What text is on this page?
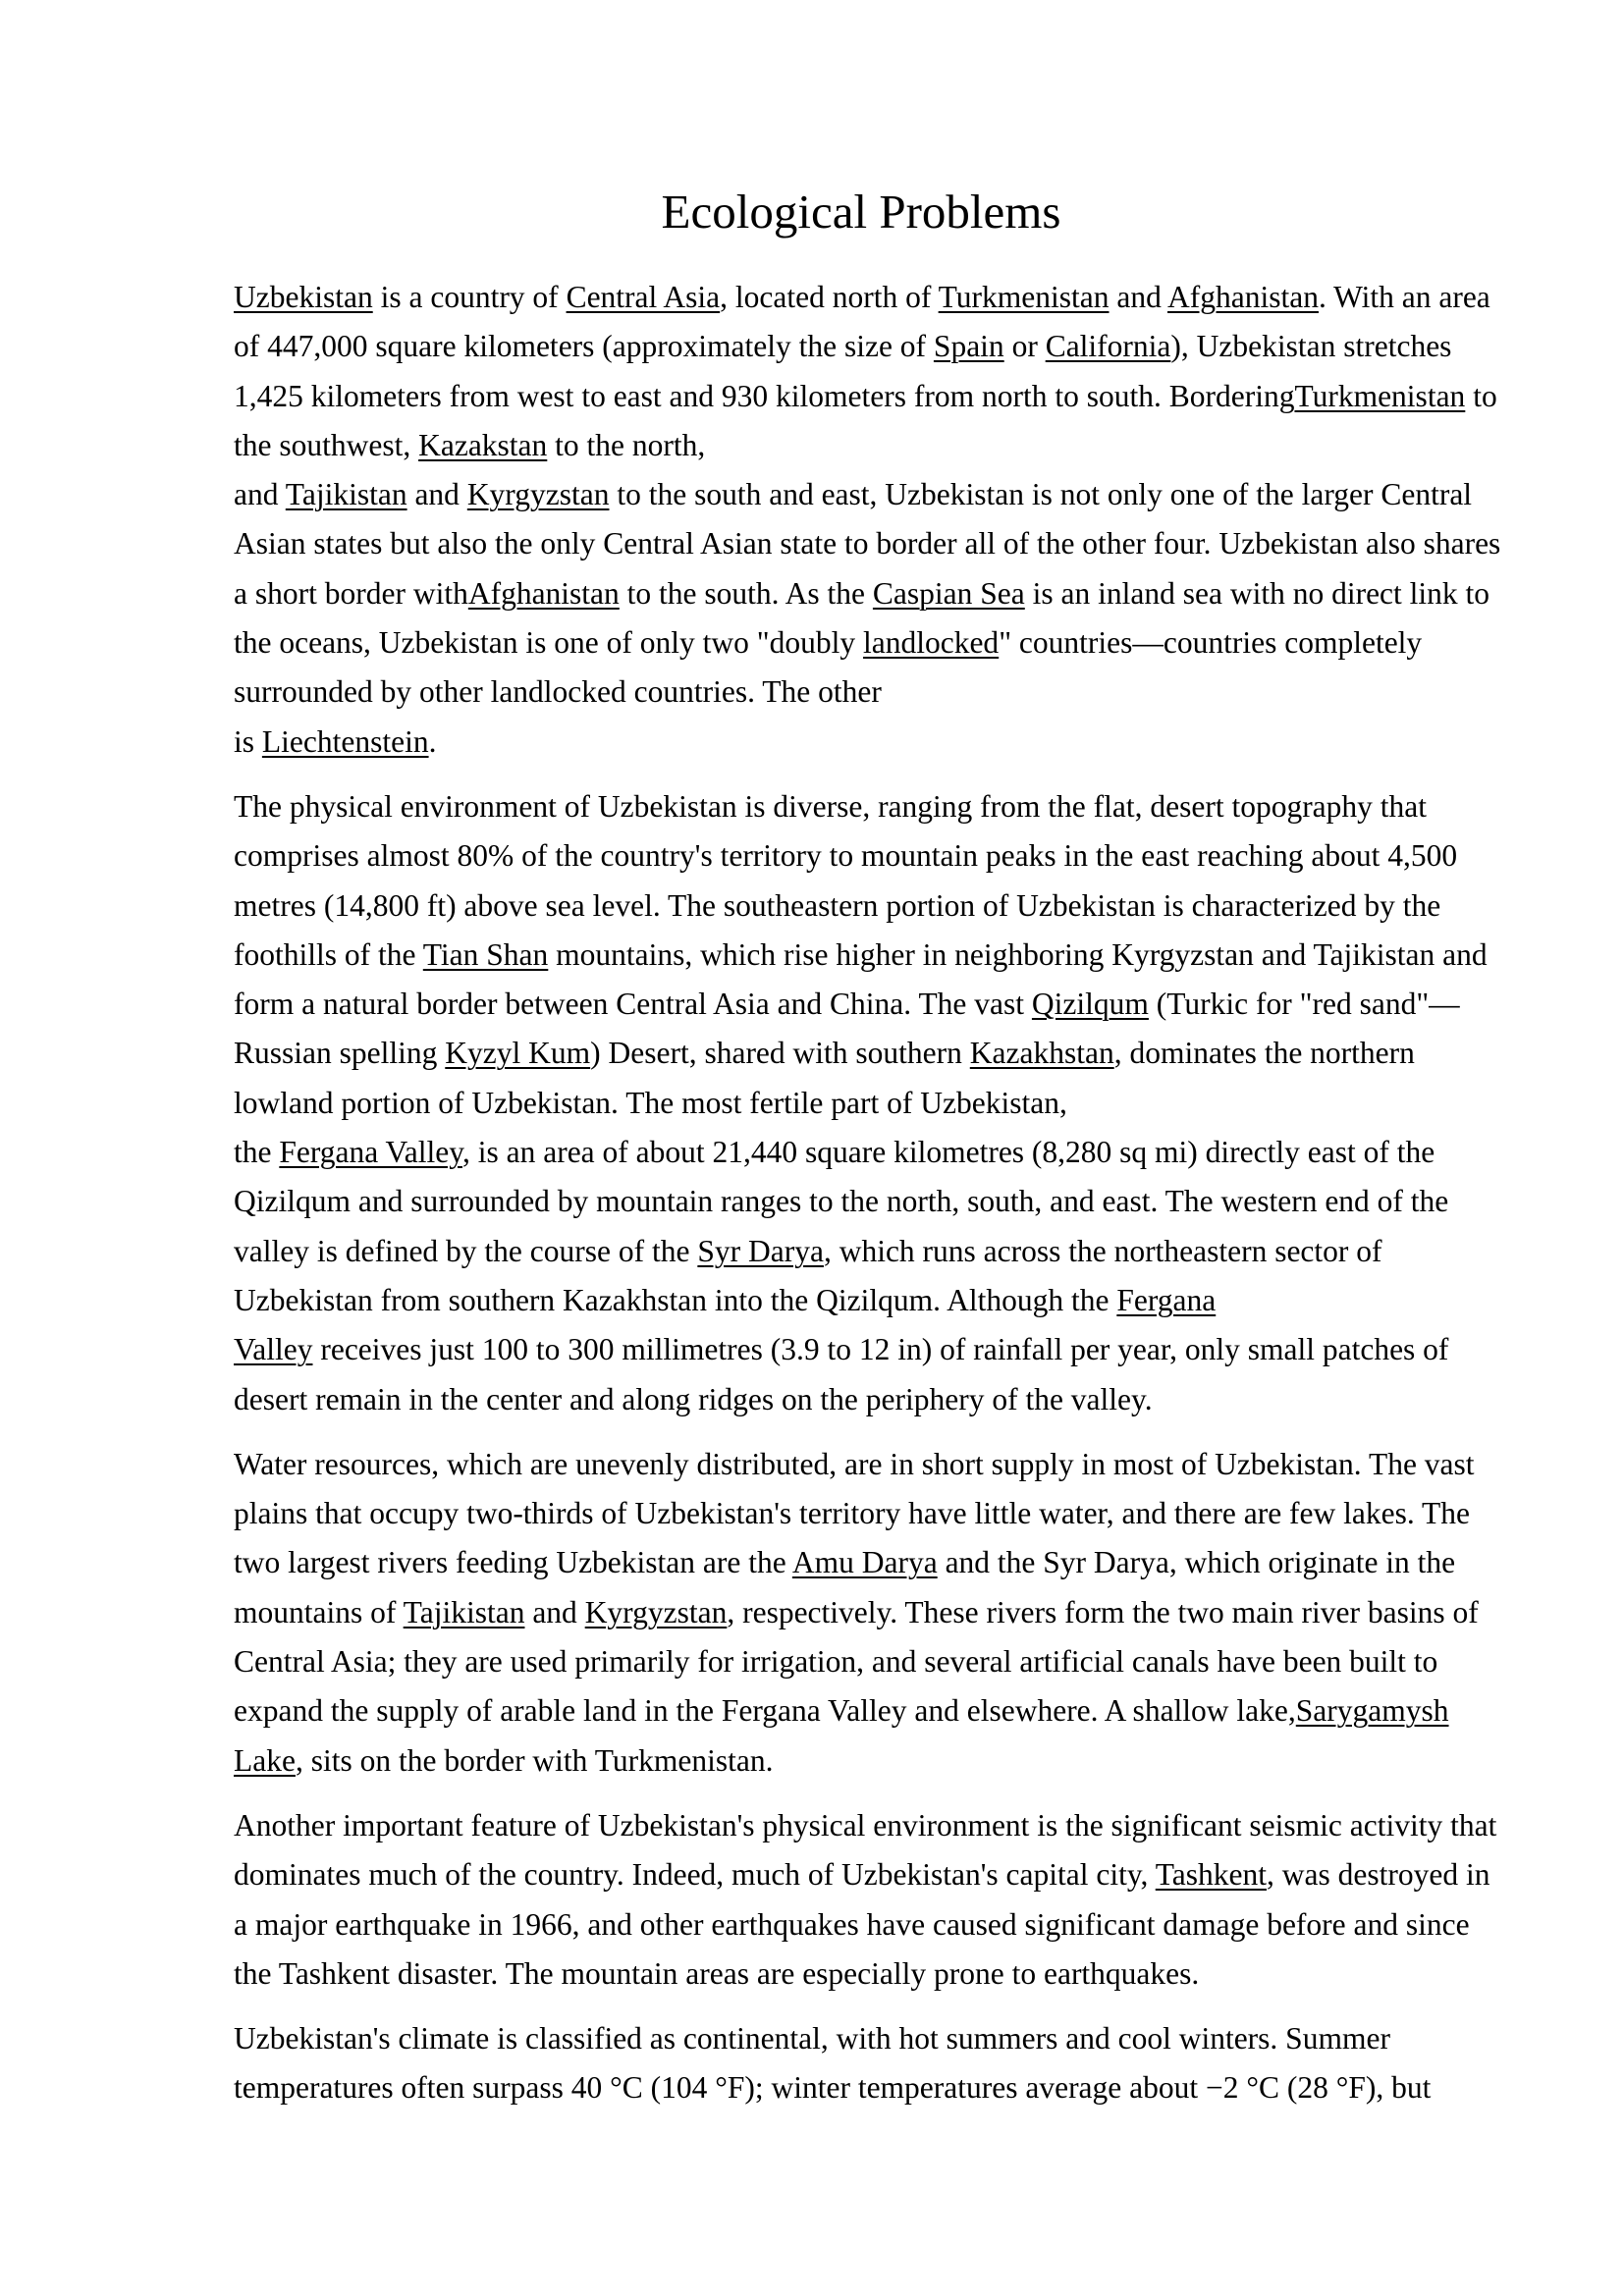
Ecological Problems

Uzbekistan is a country of Central Asia, located north of Turkmenistan and Afghanistan. With an area of 447,000 square kilometers (approximately the size of Spain or California), Uzbekistan stretches 1,425 kilometers from west to east and 930 kilometers from north to south. BorderingTurkmenistan to the southwest, Kazakstan to the north,
and Tajikistan and Kyrgyzstan to the south and east, Uzbekistan is not only one of the larger Central Asian states but also the only Central Asian state to border all of the other four. Uzbekistan also shares a short border withAfghanistan to the south. As the Caspian Sea is an inland sea with no direct link to the oceans, Uzbekistan is one of only two "doubly landlocked" countries—countries completely surrounded by other landlocked countries. The other
is Liechtenstein.

The physical environment of Uzbekistan is diverse, ranging from the flat, desert topography that comprises almost 80% of the country's territory to mountain peaks in the east reaching about 4,500 metres (14,800 ft) above sea level. The southeastern portion of Uzbekistan is characterized by the foothills of the Tian Shan mountains, which rise higher in neighboring Kyrgyzstan and Tajikistan and form a natural border between Central Asia and China. The vast Qizilqum (Turkic for "red sand"—Russian spelling Kyzyl Kum) Desert, shared with southern Kazakhstan, dominates the northern lowland portion of Uzbekistan. The most fertile part of Uzbekistan,
the Fergana Valley, is an area of about 21,440 square kilometres (8,280 sq mi) directly east of the Qizilqum and surrounded by mountain ranges to the north, south, and east. The western end of the valley is defined by the course of the Syr Darya, which runs across the northeastern sector of Uzbekistan from southern Kazakhstan into the Qizilqum. Although the Fergana
Valley receives just 100 to 300 millimetres (3.9 to 12 in) of rainfall per year, only small patches of desert remain in the center and along ridges on the periphery of the valley.

Water resources, which are unevenly distributed, are in short supply in most of Uzbekistan. The vast plains that occupy two-thirds of Uzbekistan's territory have little water, and there are few lakes. The two largest rivers feeding Uzbekistan are the Amu Darya and the Syr Darya, which originate in the mountains of Tajikistan and Kyrgyzstan, respectively. These rivers form the two main river basins of Central Asia; they are used primarily for irrigation, and several artificial canals have been built to expand the supply of arable land in the Fergana Valley and elsewhere. A shallow lake,Sarygamysh Lake, sits on the border with Turkmenistan.

Another important feature of Uzbekistan's physical environment is the significant seismic activity that dominates much of the country. Indeed, much of Uzbekistan's capital city, Tashkent, was destroyed in a major earthquake in 1966, and other earthquakes have caused significant damage before and since the Tashkent disaster. The mountain areas are especially prone to earthquakes.

Uzbekistan's climate is classified as continental, with hot summers and cool winters. Summer temperatures often surpass 40 °C (104 °F); winter temperatures average about −2 °C (28 °F), but
